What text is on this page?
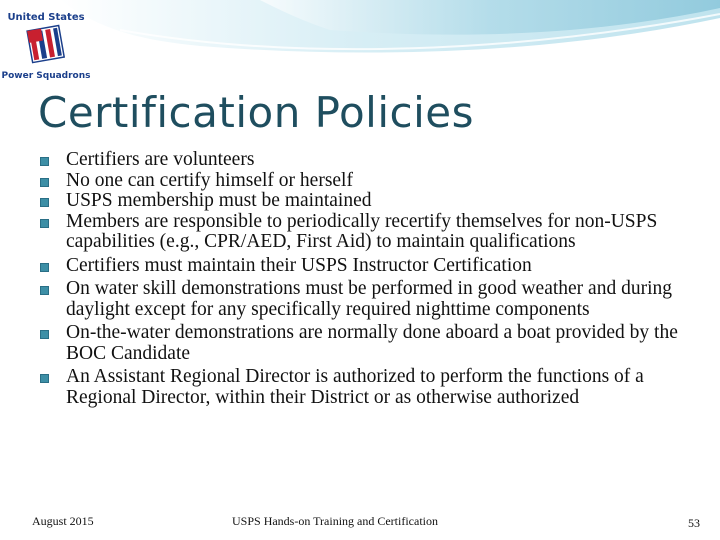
United States
Power Squadrons
Certification Policies
Certifiers are volunteers
No one can certify himself or herself
USPS membership must be maintained
Members are responsible to periodically recertify themselves for non-USPS capabilities (e.g., CPR/AED, First Aid) to maintain qualifications
Certifiers must maintain their USPS Instructor Certification
On water skill demonstrations must be performed in good weather and during daylight except for any specifically required nighttime components
On-the-water demonstrations are normally done aboard a boat provided by the BOC Candidate
An Assistant Regional Director is authorized to perform the functions of a Regional Director, within their District or as otherwise authorized
August 2015	USPS Hands-on Training and Certification	53
